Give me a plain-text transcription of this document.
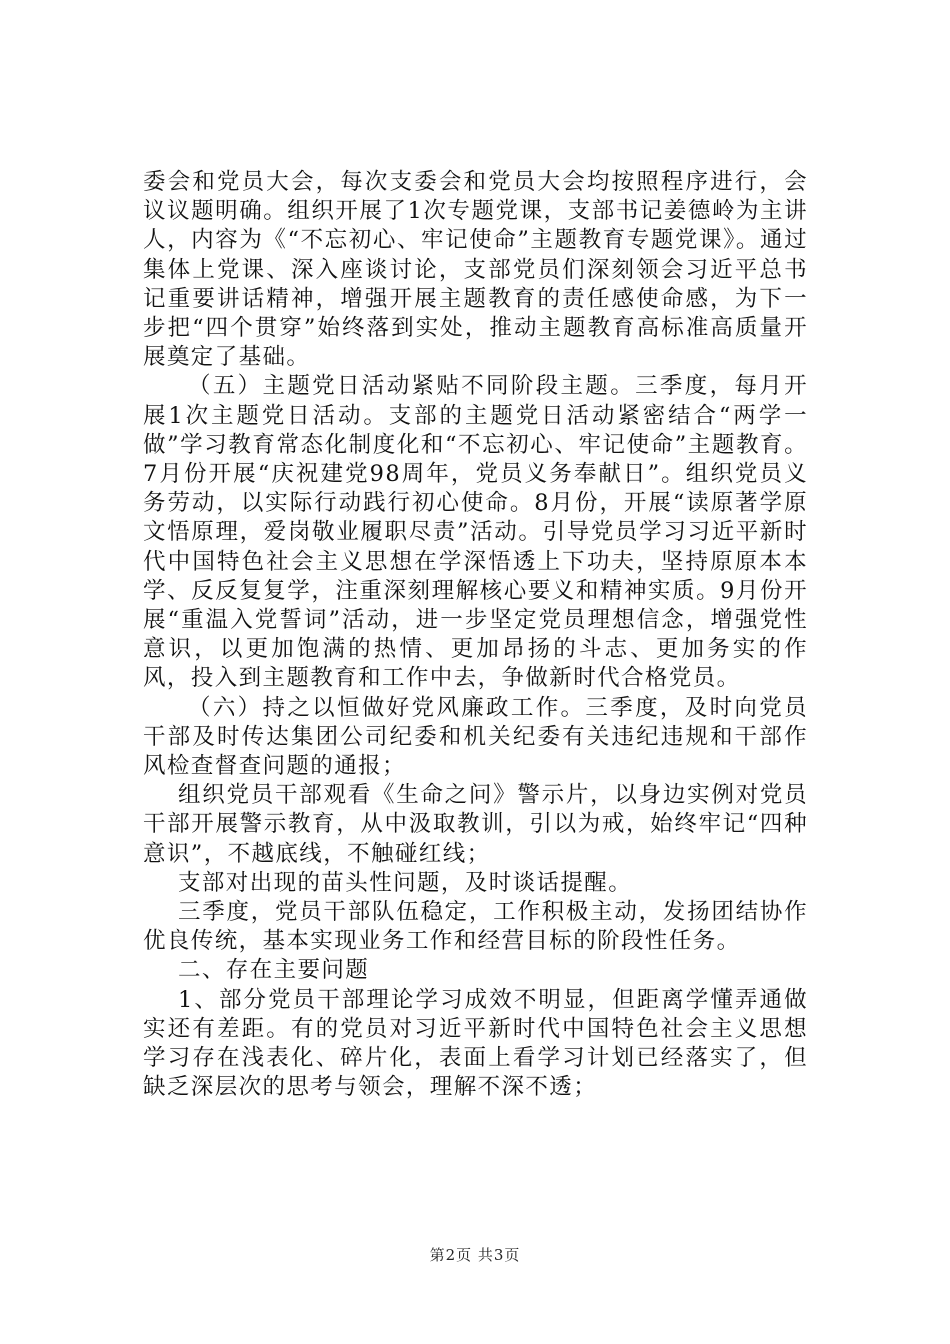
委会和党员大会，每次支委会和党员大会均按照程序进行，会议议题明确。组织开展了1次专题党课，支部书记姜德岭为主讲人，内容为《“不忘初心、牢记使命”主题教育专题党课》。通过集体上党课、深入座谈讨论，支部党员们深刻领会习近平总书记重要讲话精神，增强开展主题教育的责任感使命感，为下一步把“四个贯穿”始终落到实处，推动主题教育高标准高质量开展奠定了基础。

（五）主题党日活动紧贴不同阶段主题。三季度，每月开展1次主题党日活动。支部的主题党日活动紧密结合“两学一做”学习教育常态化制度化和“不忘初心、牢记使命”主题教育。7月份开展“庆祝建党98周年，党员义务奉献日”。组织党员义务劳动，以实际行动践行初心使命。8月份，开展“读原著学原文悟原理，爱岗敬业履职尽责”活动。引导党员学习习近平新时代中国特色社会主义思想在学深悟透上下功夫，坚持原原本本学、反反复复学，注重深刻理解核心要义和精神实质。9月份开展“重温入党誓词”活动，进一步坚定党员理想信念，增强党性意识，以更加饱满的热情、更加昂扬的斗志、更加务实的作风，投入到主题教育和工作中去，争做新时代合格党员。

（六）持之以恒做好党风廉政工作。三季度，及时向党员干部及时传达集团公司纪委和机关纪委有关违纪违规和干部作风检查督查问题的通报；

组织党员干部观看《生命之问》警示片，以身边实例对党员干部开展警示教育，从中汲取教训，引以为戒，始终牢记“四种意识”，不越底线，不触碰红线；

支部对出现的苗头性问题，及时谈话提醒。

三季度，党员干部队伍稳定，工作积极主动，发扬团结协作优良传统，基本实现业务工作和经营目标的阶段性任务。

二、存在主要问题

1、部分党员干部理论学习成效不明显，但距离学懂弄通做实还有差距。有的党员对习近平新时代中国特色社会主义思想学习存在浅表化、碎片化，表面上看学习计划已经落实了，但缺乏深层次的思考与领会，理解不深不透；

第2页 共3页
